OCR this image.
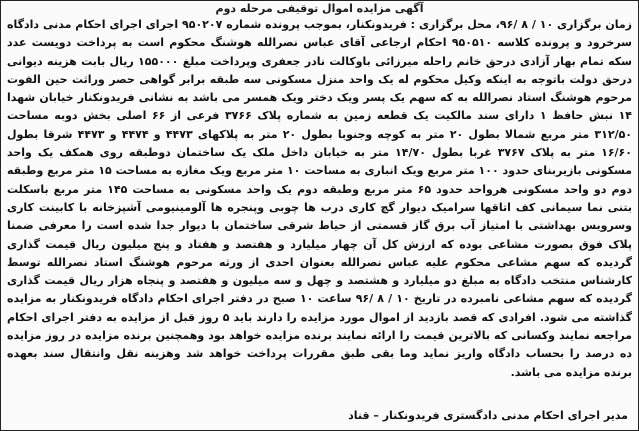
آگهی مزایده اموال توقیفی مرحله دوم

زمان برگزاری ۱۰ / ۸ /۹۶، محل برگزاری : فریدونکنار، بموجب پرونده شماره ۹۵۰۲۰۷ اجرای اجرای احکام مدنی دادگاه سرخرود و پرونده کلاسه ۹۵۰۵۱۰ احکام ارجاعی آقای عباس نصرالله هوشنگ محکوم است به پرداخت دویست عدد سکه تمام بهار آزادی درحق خانم راحله میرزائی باوکالت نادر جعفری وپرداخت مبلغ ۱۵۵۰۰۰ ریال بابت هزینه دیوانی درحق دولت باتوجه به اینکه وکیل محکوم له یک واحد منزل مسکونی سه طبقه برابر گواهی حصر وراثت حین الفوت مرحوم هوشنگ استاد نصرالله به که سهم یک پسر ویک دختر ویک همسر می باشد به نشانی فریدونکنار خیابان شهدا ۱۴ نبش حافظ ۱ دارای سند مالکیت یک قطعه زمین به شماره پلاک ۳۷۶۶ فرعی از ۶۶ اصلی بخش دوبه مساحت ۳۱۲/۵۰ متر مربع شمالا بطول ۲۰ متر به کوچه وجنوبا بطول ۲۰ متر به پلاکهای ۴۴۷۳ و ۴۴۷۴ و ۴۴۷۳ شرقا بطول ۱۶/۶۰ متر به پلاک ۳۷۶۷ غربا بطول ۱۴/۷۰ متر به خیابان داخل ملک یک ساختمان دوطبقه روی همکف یک واحد مسکونی بازیربنای حدود ۱۰۰ متر مربع ویک انباری به مساحت ۱۰ متر مربع ویک مغازه به مساحت ۱۵ متر مربع وطبقه دوم دو واحد مسکونی هرواحد حدود ۶۵ متر مربع وطبقه دوم یک واحد مسکونی به مساحت ۱۴۵ متر مربع باسکلت بتنی نما سیمانی کف اتاقها سرامیک دیوار گچ کاری درب ها چوبی وپنجره ها آلومینیومی آشپزخانه با کابینت کاری وسرویس بهداشتی با امتیاز آب برق گاز قسمتی از حیاط شرقی ساختمان با دیوار جدا شده است را معرفی ضمنا پلاک فوق بصورت مشاعی بوده که ارزش کل آن چهار میلیارد و هفتصد و هفتاد و پنج میلیون ریال قیمت گذاری گردیده که سهم مشاعی محکوم علیه عباس نصرالله بعنوان احدی از ورثه مرحوم هوشنگ استاد نصرالله توسط کارشناس منتخب دادگاه به مبلغ دو میلیارد و هشتصد و چهل و سه میلیون و هفتصد و پنجاه هزار ریال قیمت گذاری گردیده که سهم مشاعی نامبرده در تاریخ ۱۰ / ۸ /۹۶ ساعت ۱۰ صبح در دفتر اجرای احکام دادگاه فریدونکنار به مزایده گذاشته می شود. افرادی که قصد بازدید از اموال مورد مزایده را دارند باید ۵ روز قبل از مزایده به دفتر اجرای احکام مراجعه نمایند وکسانی که بالاترین قیمت را ارائه نمایند برنده مزایده خواهد بود وهمچنین برنده مزایده در روز مزایده ده درصد را بحساب دادگاه واریز نماید وما بقی طبق مقررات پرداخت خواهد شد وهزینه نقل وانتقال سند بعهده برنده مزایده می باشد.

مدیر اجرای احکام مدنی دادگستری فریدونکنار – قناد
